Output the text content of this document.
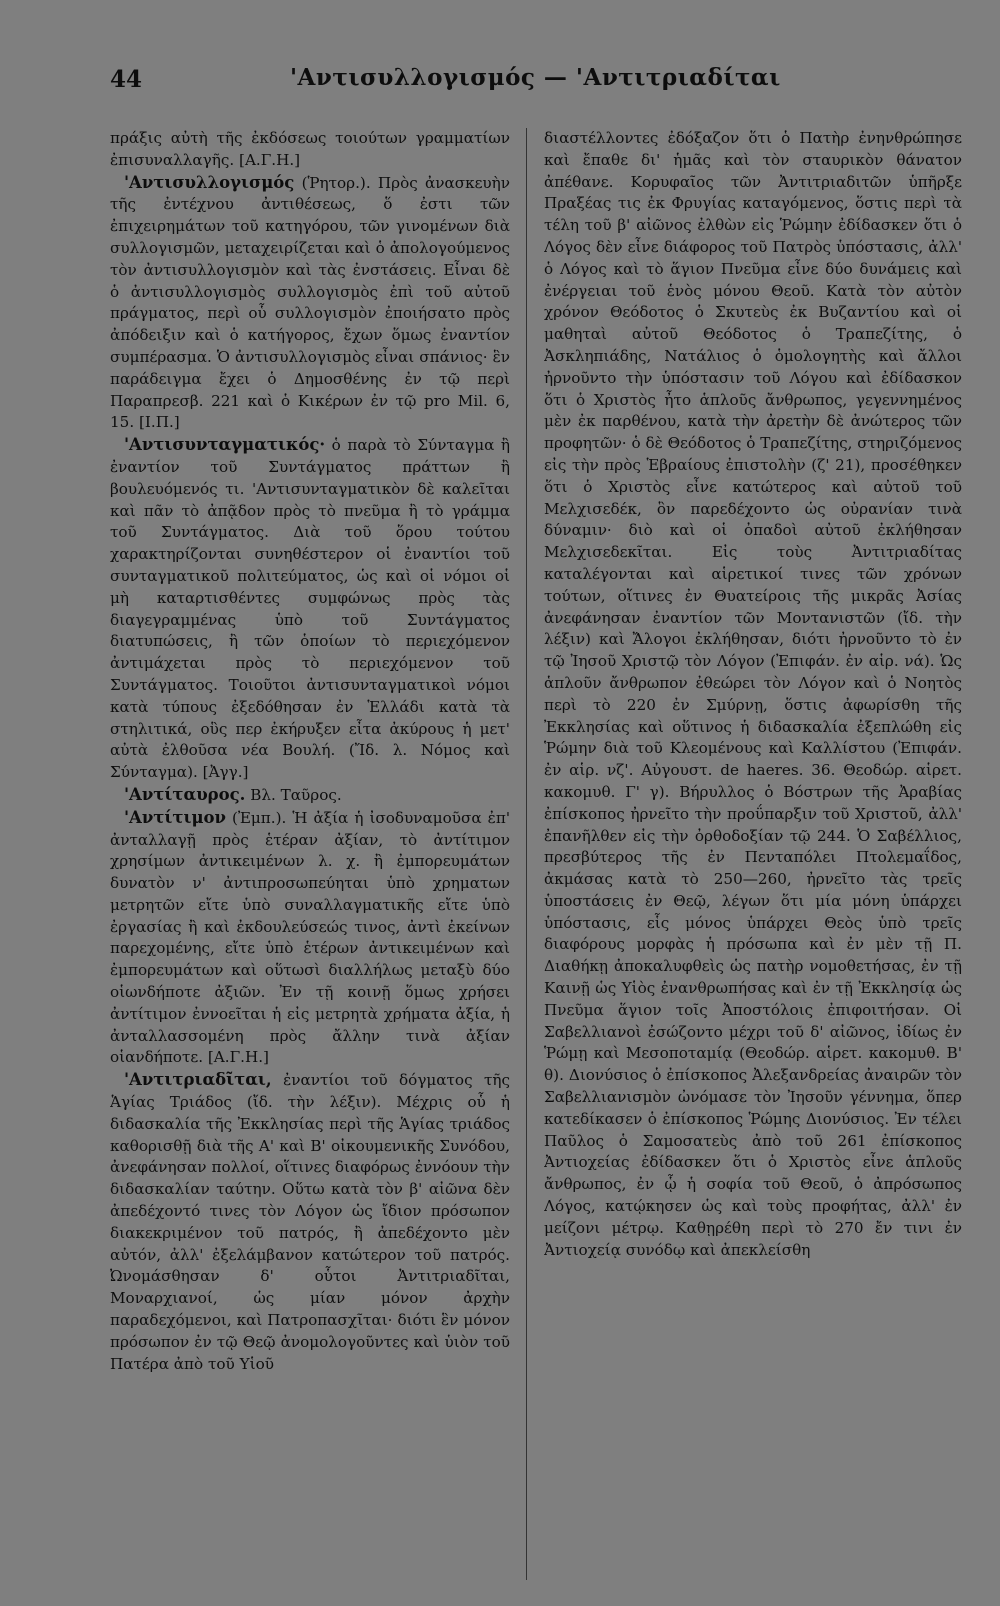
44	'Αντισυλλογισμός — 'Αντιτριαδίται

πράξις αὐτὴ τῆς ἐκδόσεως τοιούτων γραμματίων ἐπισυναλλαγῆς. [Α.Γ.Η.]

'Αντισυλλογισμός (Ῥητορ.). Πρὸς ἀνασκευὴν τῆς ἐντέχνου ἀντιθέσεως, ὅ ἐστι τῶν ἐπιχειρημάτων τοῦ κατηγόρου, τῶν γινομένων διὰ συλλογισμῶν, μεταχειρίζεται καὶ ὁ ἀπολογούμενος τὸν ἀντισυλλογισμὸν καὶ τὰς ἐνστάσεις. Εἶναι δὲ ὁ ἀντισυλλογισμὸς συλλογισμὸς ἐπὶ τοῦ αὐτοῦ πράγματος, περὶ οὗ συλλογισμὸν ἐποιήσατο πρὸς ἀπόδειξιν καὶ ὁ κατήγορος, ἔχων ὅμως ἐναντίον συμπέρασμα. Ὁ ἀντισυλλογισμὸς εἶναι σπάνιος· ἓν παράδειγμα ἔχει ὁ Δημοσθένης ἐν τῷ περὶ Παραπρεσβ. 221 καὶ ὁ Κικέρων ἐν τῷ pro Mil. 6, 15. [Ι.Π.]

'Αντισυνταγματικός· ὁ παρὰ τὸ Σύνταγμα ἢ ἐναντίον τοῦ Συντάγματος πράττων ἢ βουλευόμενός τι. 'Αντισυνταγματικὸν δὲ καλεῖται καὶ πᾶν τὸ ἀπᾷδον πρὸς τὸ πνεῦμα ἢ τὸ γράμμα τοῦ Συντάγματος. Διὰ τοῦ ὅρου τούτου χαρακτηρίζονται συνηθέστερον οἱ ἐναντίοι τοῦ συνταγματικοῦ πολιτεύματος, ὡς καὶ οἱ νόμοι οἱ μὴ καταρτισθέντες συμφώνως πρὸς τὰς διαγεγραμμένας ὑπὸ τοῦ Συντάγματος διατυπώσεις, ἢ τῶν ὁποίων τὸ περιεχόμενον ἀντιμάχεται πρὸς τὸ περιεχόμενον τοῦ Συντάγματος. Τοιοῦτοι ἀντισυνταγματικοὶ νόμοι κατὰ τύπους ἐξεδόθησαν ἐν Ἑλλάδι κατὰ τὰ στηλιτικά, οὓς περ ἐκήρυξεν εἶτα ἀκύρους ἡ μετ' αὐτὰ ἐλθοῦσα νέα Βουλή. (Ἴδ. λ. Νόμος καὶ Σύνταγμα). [Ἀγγ.]

'Αντίταυρος. Βλ. Ταῦρος.

'Αντίτιμον (Ἐμπ.). Ἡ ἀξία ἡ ἰσοδυναμοῦσα ἐπ' ἀνταλλαγῇ πρὸς ἑτέραν ἀξίαν, τὸ ἀντίτιμον χρησίμων ἀντικειμένων λ. χ. ἢ ἐμπορευμάτων δυνατὸν ν' ἀντιπροσωπεύηται ὑπὸ χρηματων μετρητῶν εἴτε ὑπὸ συναλλαγματικῆς εἴτε ὑπὸ ἐργασίας ἢ καὶ ἐκδουλεύσεώς τινος, ἀντὶ ἐκείνων παρεχομένης, εἴτε ὑπὸ ἑτέρων ἀντικειμένων καὶ ἐμπορευμάτων καὶ οὕτωσὶ διαλλήλως μεταξὺ δύο οἱωνδήποτε ἀξιῶν. Ἐν τῇ κοινῇ ὅμως χρήσει ἀντίτιμον ἐννοεῖται ἡ εἰς μετρητὰ χρήματα ἀξία, ἡ ἀνταλλασσομένη πρὸς ἄλλην τινὰ ἀξίαν οἱανδήποτε. [Α.Γ.Η.]

'Αντιτριαδῖται, ἐναντίοι τοῦ δόγματος τῆς Ἁγίας Τριάδος (ἴδ. τὴν λέξιν). Μέχρις οὗ ἡ διδασκαλία τῆς Ἐκκλησίας περὶ τῆς Ἁγίας τριάδος καθορισθῇ διὰ τῆς Α' καὶ Β' οἰκουμενικῆς Συνόδου, ἀνεφάνησαν πολλοί, οἵτινες διαφόρως ἐννόουν τὴν διδασκαλίαν ταύτην. Οὕτω κατὰ τὸν β' αἰῶνα δὲν ἀπεδέχοντό τινες τὸν Λόγον ὡς ἴδιον πρόσωπον διακεκριμένον τοῦ πατρός, ἢ ἀπεδέχοντο μὲν αὐτόν, ἀλλ' ἐξελάμβανον κατώτερον τοῦ πατρός. Ὠνομάσθησαν δ' οὗτοι Ἀντιτριαδῖται, Μοναρχιανοί, ὡς μίαν μόνον ἀρχὴν παραδεχόμενοι, καὶ Πατροπασχῖται· διότι ἓν μόνον πρόσωπον ἐν τῷ Θεῷ ἀνομολογοῦντες καὶ ὑιὸν τοῦ Πατέρα ἀπὸ τοῦ Υἱοῦ

διαστέλλοντες ἐδόξαζον ὅτι ὁ Πατὴρ ἐνηνθρώπησε καὶ ἔπαθε δι' ἡμᾶς καὶ τὸν σταυρικὸν θάνατον ἀπέθανε. Κορυφαῖος τῶν Ἀντιτριαδιτῶν ὑπῆρξε Πραξέας τις ἐκ Φρυγίας καταγόμενος, ὅστις περὶ τὰ τέλη τοῦ β' αἰῶνος ἐλθὼν εἰς Ῥώμην ἐδίδασκεν ὅτι ὁ Λόγος δὲν εἶνε διάφορος τοῦ Πατρὸς ὑπόστασις, ἀλλ' ὁ Λόγος καὶ τὸ ἅγιον Πνεῦμα εἶνε δύο δυνάμεις καὶ ἐνέργειαι τοῦ ἑνὸς μόνου Θεοῦ. Κατὰ τὸν αὐτὸν χρόνον Θεόδοτος ὁ Σκυτεὺς ἐκ Βυζαντίου καὶ οἱ μαθηταὶ αὐτοῦ Θεόδοτος ὁ Τραπεζίτης, ὁ Ἀσκληπιάδης, Νατάλιος ὁ ὁμολογητὴς καὶ ἄλλοι ἠρνοῦντο τὴν ὑπόστασιν τοῦ Λόγου καὶ ἐδίδασκον ὅτι ὁ Χριστὸς ἦτο ἁπλοῦς ἄνθρωπος, γεγεννημένος μὲν ἐκ παρθένου, κατὰ τὴν ἀρετὴν δὲ ἀνώτερος τῶν προφητῶν· ὁ δὲ Θεόδοτος ὁ Τραπεζίτης, στηριζόμενος εἰς τὴν πρὸς Ἑβραίους ἐπιστολὴν (ζ' 21), προσέθηκεν ὅτι ὁ Χριστὸς εἶνε κατώτερος καὶ αὐτοῦ τοῦ Μελχισεδέκ, ὃν παρεδέχοντο ὡς οὐρανίαν τινὰ δύναμιν· διὸ καὶ οἱ ὀπαδοὶ αὐτοῦ ἐκλήθησαν Μελχισεδεκῖται. Εἰς τοὺς Ἀντιτριαδίτας καταλέγονται καὶ αἱρετικοί τινες τῶν χρόνων τούτων, οἵτινες ἐν Θυατείροις τῆς μικρᾶς Ἀσίας ἀνεφάνησαν ἐναντίον τῶν Μοντανιστῶν (ἴδ. τὴν λέξιν) καὶ Ἄλογοι ἐκλήθησαν, διότι ἠρνοῦντο τὸ ἐν τῷ Ἰησοῦ Χριστῷ τὸν Λόγον (Ἐπιφάν. ἐν αἱρ. νά). Ὡς ἁπλοῦν ἄνθρωπον ἐθεώρει τὸν Λόγον καὶ ὁ Νοητὸς περὶ τὸ 220 ἐν Σμύρνῃ, ὅστις ἀφωρίσθη τῆς Ἐκκλησίας καὶ οὕτινος ἡ διδασκαλία ἐξεπλώθη εἰς Ῥώμην διὰ τοῦ Κλεομένους καὶ Καλλίστου (Ἐπιφάν. ἐν αἱρ. νζ'. Αὐγουστ. de haeres. 36. Θεοδώρ. αἱρετ. κακομυθ. Γ' γ). Βήρυλλος ὁ Βόστρων τῆς Ἀραβίας ἐπίσκοπος ἠρνεῖτο τὴν προΰπαρξιν τοῦ Χριστοῦ, ἀλλ' ἐπανῆλθεν εἰς τὴν ὀρθοδοξίαν τῷ 244. Ὁ Σαβέλλιος, πρεσβύτερος τῆς ἐν Πενταπόλει Πτολεμαΐδος, ἀκμάσας κατὰ τὸ 250—260, ἠρνεῖτο τὰς τρεῖς ὑποστάσεις ἐν Θεῷ, λέγων ὅτι μία μόνη ὑπάρχει ὑπόστασις, εἷς μόνος ὑπάρχει Θεὸς ὑπὸ τρεῖς διαφόρους μορφὰς ἡ πρόσωπα καὶ ἐν μὲν τῇ Π. Διαθήκῃ ἀποκαλυφθεὶς ὡς πατὴρ νομοθετήσας, ἐν τῇ Καινῇ ὡς Υἱὸς ἐνανθρωπήσας καὶ ἐν τῇ Ἐκκλησίᾳ ὡς Πνεῦμα ἅγιον τοῖς Ἀποστόλοις ἐπιφοιτήσαν. Οἱ Σαβελλιανοὶ ἐσώζοντο μέχρι τοῦ δ' αἰῶνος, ἰδίως ἐν Ῥώμῃ καὶ Μεσοποταμίᾳ (Θεοδώρ. αἱρετ. κακομυθ. Β' θ). Διονύσιος ὁ ἐπίσκοπος Ἀλεξανδρείας ἀναιρῶν τὸν Σαβελλιανισμὸν ὠνόμασε τὸν Ἰησοῦν γέννημα, ὅπερ κατεδίκασεν ὁ ἐπίσκοπος Ῥώμης Διονύσιος. Ἐν τέλει Παῦλος ὁ Σαμοσατεὺς ἀπὸ τοῦ 261 ἐπίσκοπος Ἀντιοχείας ἐδίδασκεν ὅτι ὁ Χριστὸς εἶνε ἁπλοῦς ἄνθρωπος, ἐν ᾧ ἡ σοφία τοῦ Θεοῦ, ὁ ἀπρόσωπος Λόγος, κατῴκησεν ὡς καὶ τοὺς προφήτας, ἀλλ' ἐν μείζονι μέτρῳ. Καθῃρέθη περὶ τὸ 270 ἔν τινι ἐν Ἀντιοχείᾳ συνόδῳ καὶ ἀπεκλείσθη
